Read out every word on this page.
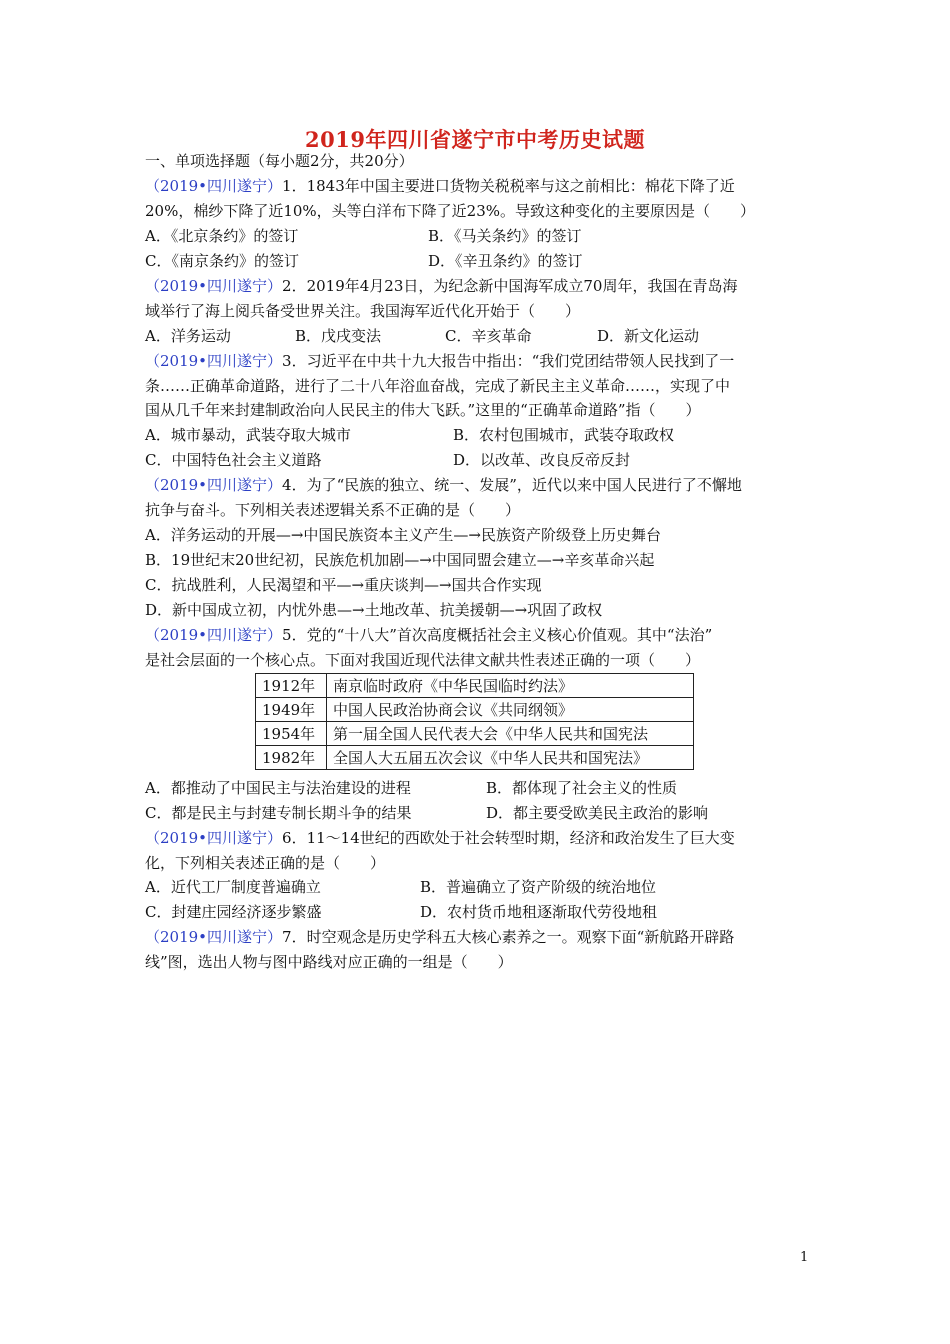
2019年四川省遂宁市中考历史试题
一、单项选择题（每小题2分，共20分）
（2019•四川遂宁）1．1843年中国主要进口货物关税税率与这之前相比：棉花下降了近
20%，棉纱下降了近10%，头等白洋布下降了近23%。导致这种变化的主要原因是（　　）
A．《北京条约》的签订	B．《马关条约》的签订
C．《南京条约》的签订	D．《辛丑条约》的签订
（2019•四川遂宁）2．2019年4月23日，为纪念新中国海军成立70周年，我国在青岛海
域举行了海上阅兵备受世界关注。我国海军近代化开始于（　　）
A．洋务运动	B．戊戌变法	C．辛亥革命	D．新文化运动
（2019•四川遂宁）3．习近平在中共十九大报告中指出：“我们党团结带领人民找到了一
条……正确革命道路，进行了二十八年浴血奋战，完成了新民主主义革命……，实现了中
国从几千年来封建制政治向人民民主的伟大飞跃。”这里的“正确革命道路”指（　　）
A．城市暴动，武装夺取大城市	B．农村包围城市，武装夺取政权
C．中国特色社会主义道路	D．以改革、改良反帝反封
（2019•四川遂宁）4．为了“民族的独立、统一、发展”，近代以来中国人民进行了不懈地
抗争与奋斗。下列相关表述逻辑关系不正确的是（　　）
A．洋务运动的开展—→中国民族资本主义产生—→民族资产阶级登上历史舞台
B．19世纪末20世纪初，民族危机加剧—→中国同盟会建立—→辛亥革命兴起
C．抗战胜利，人民渴望和平—→重庆谈判—→国共合作实现
D．新中国成立初，内忧外患—→土地改革、抗美援朝—→巩固了政权
（2019•四川遂宁）5．党的“十八大”首次高度概括社会主义核心价值观。其中“法治”
是社会层面的一个核心点。下面对我国近现代法律文献共性表述正确的一项（　　）
1912年	南京临时政府《中华民国临时约法》
1949年	中国人民政治协商会议《共同纲领》
1954年	第一届全国人民代表大会《中华人民共和国宪法
1982年	全国人大五届五次会议《中华人民共和国宪法》
A．都推动了中国民主与法治建设的进程	B．都体现了社会主义的性质
C．都是民主与封建专制长期斗争的结果	D．都主要受欧美民主政治的影响
（2019•四川遂宁）6．11～14世纪的西欧处于社会转型时期，经济和政治发生了巨大变
化，下列相关表述正确的是（　　）
A．近代工厂制度普遍确立	B．普遍确立了资产阶级的统治地位
C．封建庄园经济逐步繁盛	D．农村货币地租逐渐取代劳役地租
（2019•四川遂宁）7．时空观念是历史学科五大核心素养之一。观察下面“新航路开辟路
线”图，选出人物与图中路线对应正确的一组是（　　）
1
